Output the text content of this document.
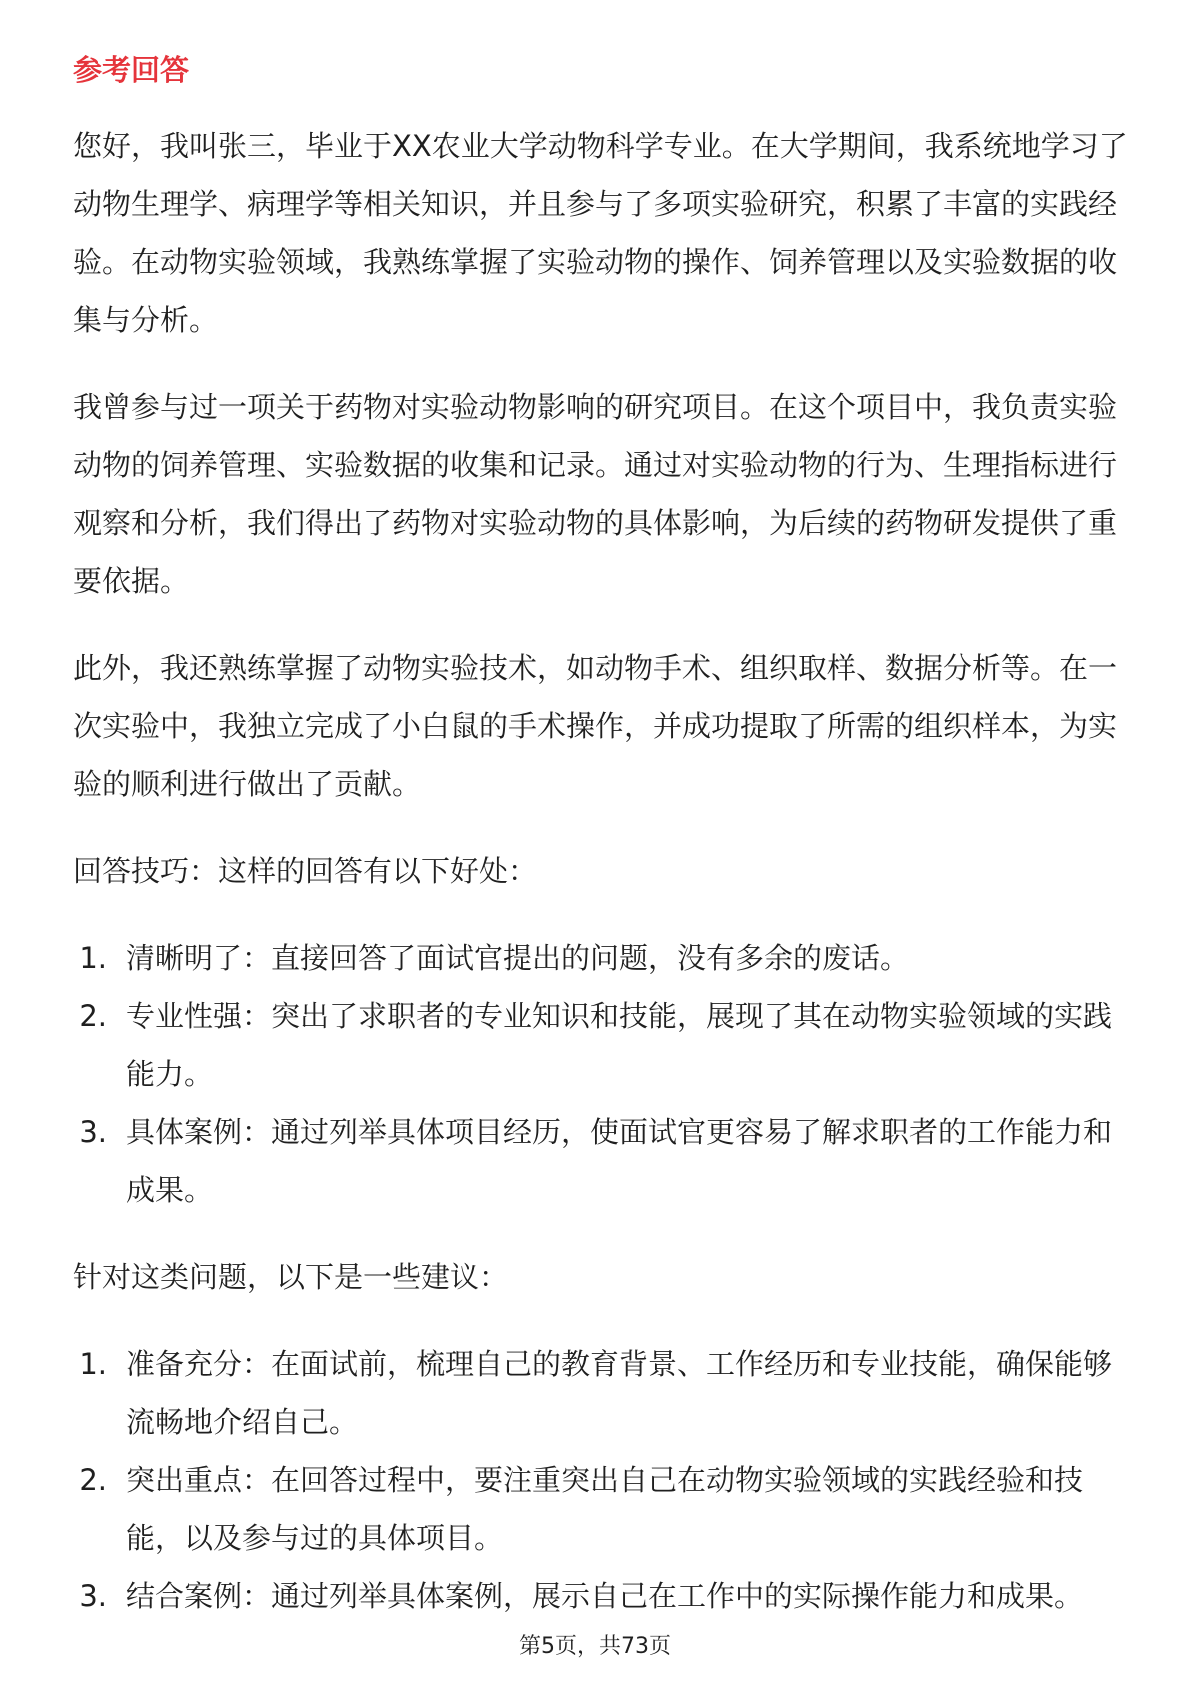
参考回答
您好，我叫张三，毕业于XX农业大学动物科学专业。在大学期间，我系统地学习了
动物生理学、病理学等相关知识，并且参与了多项实验研究，积累了丰富的实践经
验。在动物实验领域，我熟练掌握了实验动物的操作、饲养管理以及实验数据的收
集与分析。
我曾参与过一项关于药物对实验动物影响的研究项目。在这个项目中，我负责实验
动物的饲养管理、实验数据的收集和记录。通过对实验动物的行为、生理指标进行
观察和分析，我们得出了药物对实验动物的具体影响，为后续的药物研发提供了重
要依据。
此外，我还熟练掌握了动物实验技术，如动物手术、组织取样、数据分析等。在一
次实验中，我独立完成了小白鼠的手术操作，并成功提取了所需的组织样本，为实
验的顺利进行做出了贡献。
回答技巧：这样的回答有以下好处：
1. 清晰明了：直接回答了面试官提出的问题，没有多余的废话。
2. 专业性强：突出了求职者的专业知识和技能，展现了其在动物实验领域的实践
能力。
3. 具体案例：通过列举具体项目经历，使面试官更容易了解求职者的工作能力和
成果。
针对这类问题，以下是一些建议：
1. 准备充分：在面试前，梳理自己的教育背景、工作经历和专业技能，确保能够
流畅地介绍自己。
2. 突出重点：在回答过程中，要注重突出自己在动物实验领域的实践经验和技
能，以及参与过的具体项目。
3. 结合案例：通过列举具体案例，展示自己在工作中的实际操作能力和成果。
第5页，共73页
